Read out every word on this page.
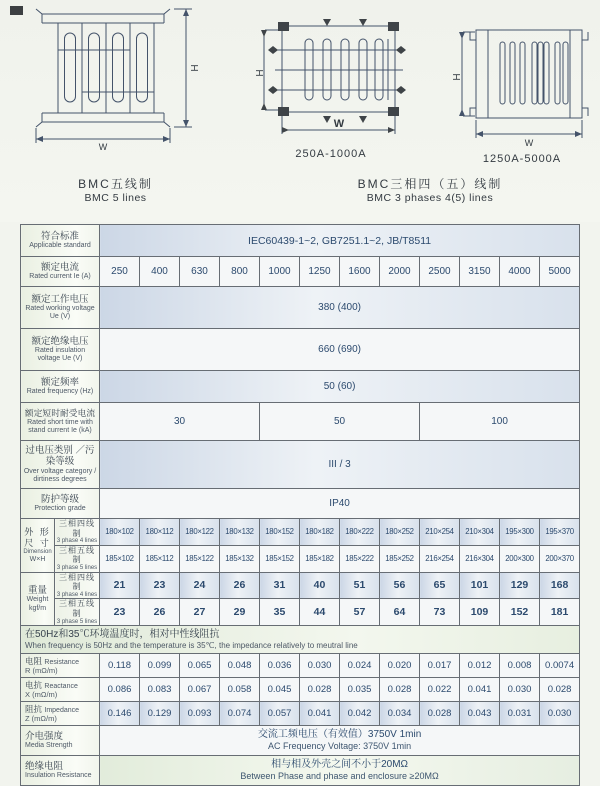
H
W
BMC五线制
BMC 5 lines
H
W
250A-1000A
H
W
1250A-5000A
BMC三相四（五）线制
BMC 3 phases 4(5) lines
符合标准
Applicable standard		IEC60439-1~2, GB7251.1~2, JB/T8511											

额定电流
Rated current Ie (A)		250	400	630	800	1000	1250	1600	2000	2500	3150	4000	5000

额定工作电压
Rated working voltage Ue (V)		380 (400)											

额定绝缘电压
Rated insulation voltage Ue (V)		660 (690)											

额定频率
Rated frequency (Hz)		50 (60)											

额定短时耐受电流
Rated short time with stand current Ie (kA)		30				50				100			

过电压类别 ／污染等级
Over voltage category / dirtiness degrees		III / 3											

防护等级
Protection grade		IP40											

外 形 尺 寸
Dimension
W×H

三相四线制
3 phase 4 lines
	180×102	180×112	180×122	180×132	180×152	180×182	180×222	180×252	210×254	210×304	195×300	195×370

	三相五线制
3 phase 5 lines	185×102	185×112	185×122	185×132	185×152	185×182	185×222	185×252	216×254	216×304	200×300	200×370

重量
Weight
kgf/m

三相四线制
3 phase 4 lines
	21	23	24	26	31	40	51	56	65	101	129	168

	三相五线制
3 phase 5 lines	23	26	27	29	35	44	57	64	73	109	152	181

在50Hz和35℃环境温度时，相对中性线阻抗
When frequency is 50Hz and the temperature is 35℃, the impedance relatively to meutral line													

电阻 Resistance
R (mΩ/m)		0.118	0.099	0.065	0.048	0.036	0.030	0.024	0.020	0.017	0.012	0.008	0.0074

电抗 Reactance
X (mΩ/m)		0.086	0.083	0.067	0.058	0.045	0.028	0.035	0.028	0.022	0.041	0.030	0.028

阻抗 Impedance
Z (mΩ/m)		0.146	0.129	0.093	0.074	0.057	0.041	0.042	0.034	0.028	0.043	0.031	0.030

介电强度
Media Strength

交流工频电压（有效值）3750V 1min
AC Frequency Voltage: 3750V 1min

绝缘电阻
Insulation Resistance

相与相及外壳之间不小于20MΩ
Between Phase and phase and enclosure ≥20MΩ
